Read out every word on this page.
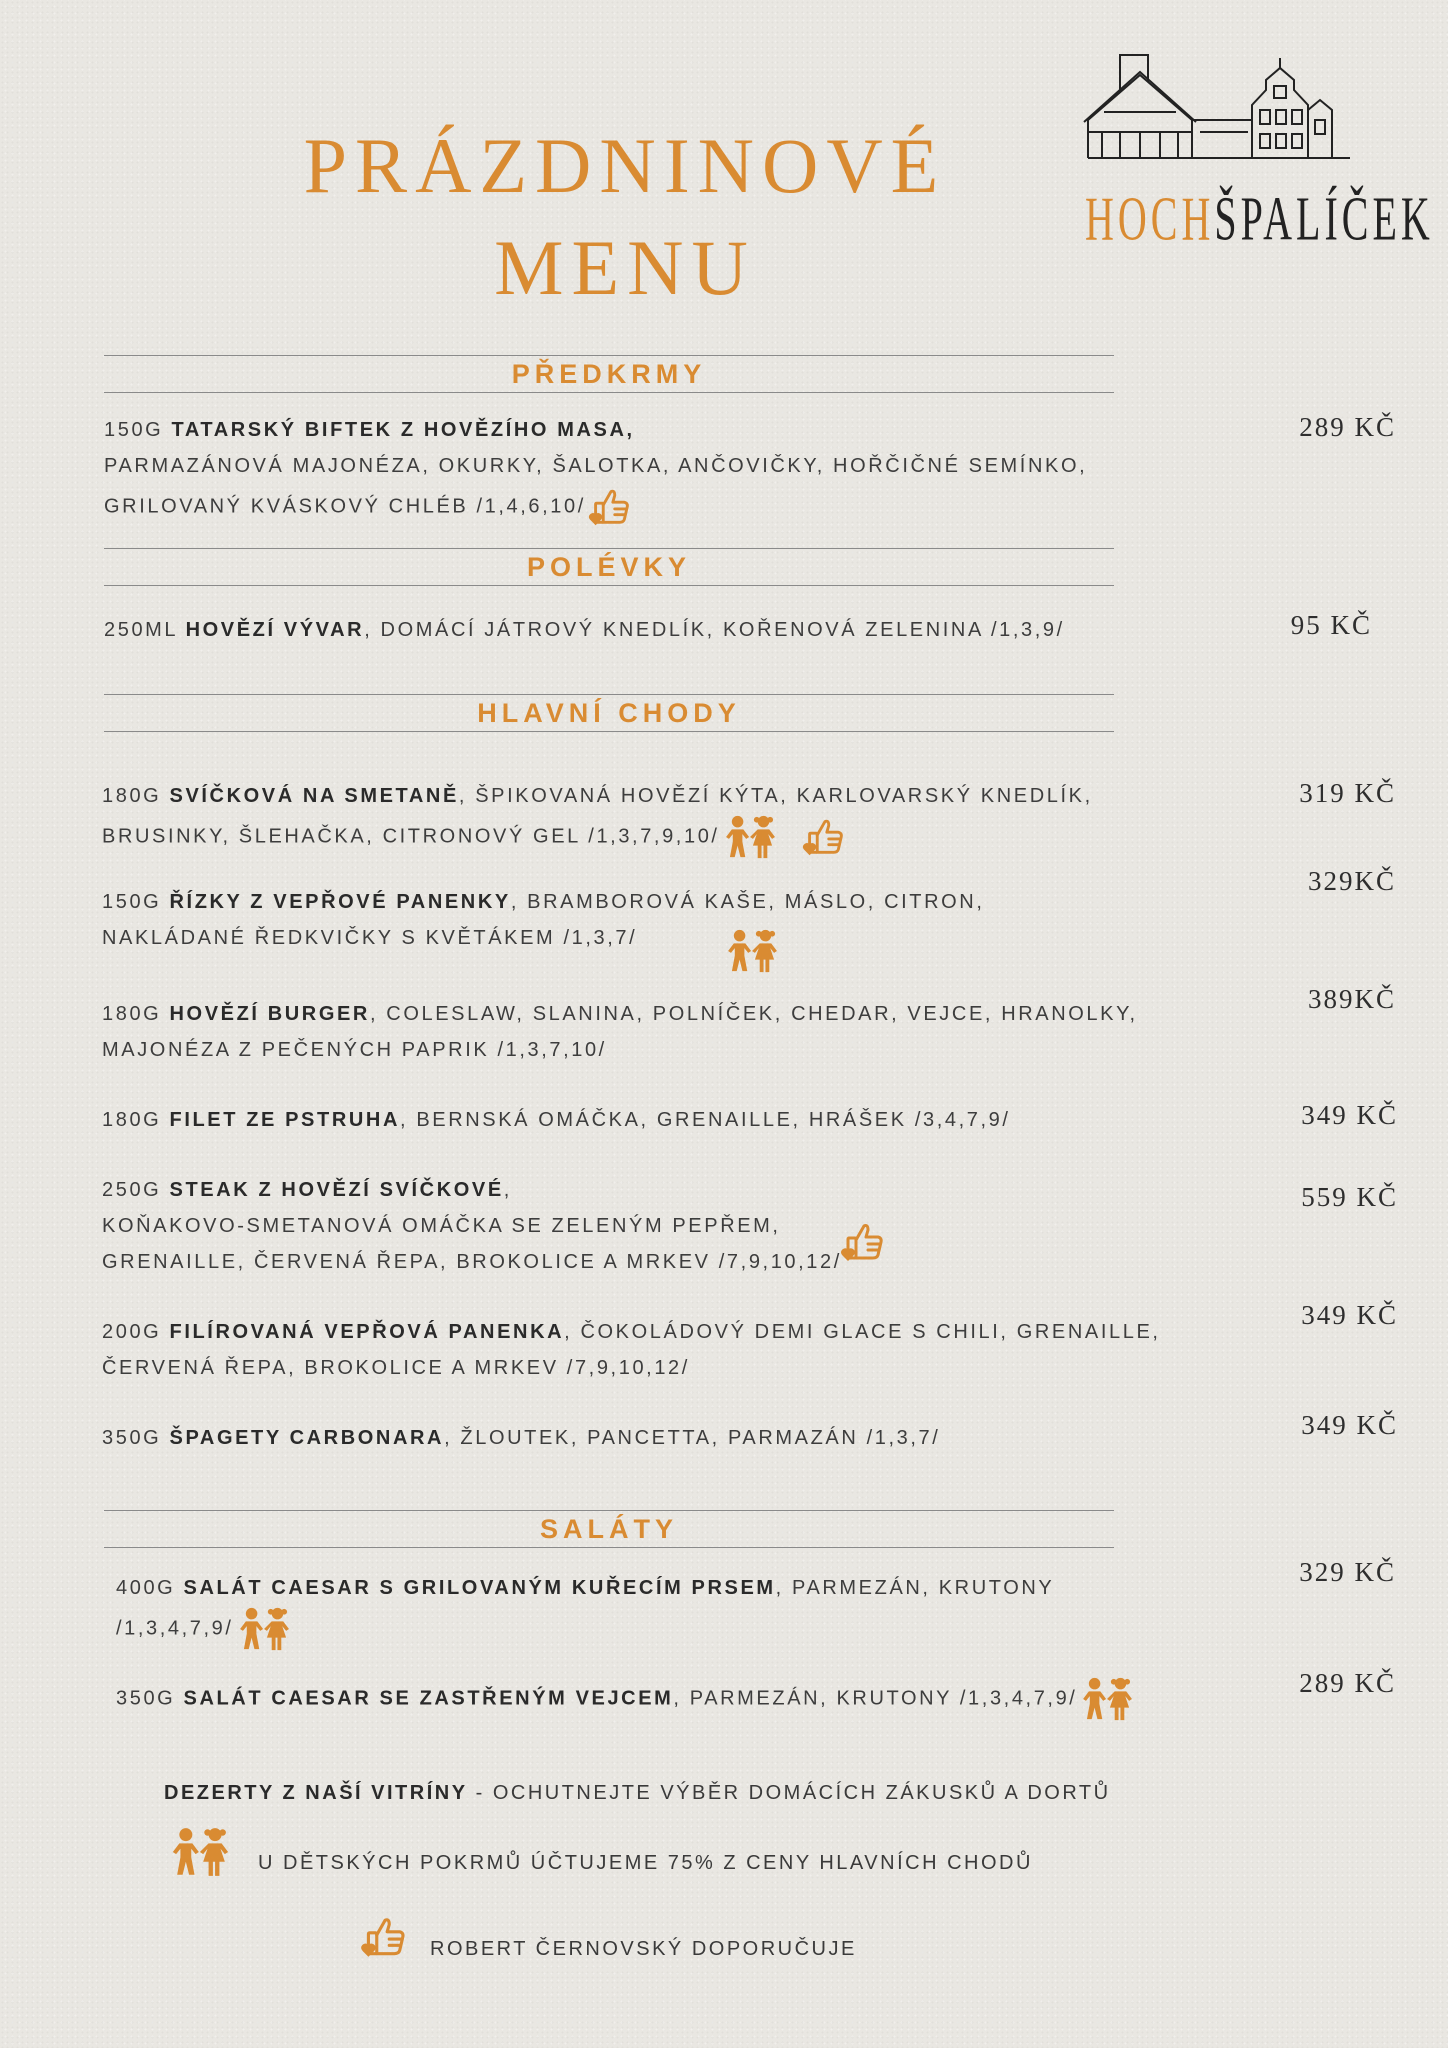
PRÁZDNINOVÉ
MENU
HOCHŠPALÍČEK
PŘEDKRMY
150G TATARSKÝ BIFTEK Z HOVĚZÍHO MASA,
PARMAZÁNOVÁ MAJONÉZA, OKURKY, ŠALOTKA, ANČOVIČKY, HOŘČIČNÉ SEMÍNKO,
GRILOVANÝ KVÁSKOVÝ CHLÉB /1,4,6,10/
289 KČ
POLÉVKY
250ML HOVĚZÍ VÝVAR, DOMÁCÍ JÁTROVÝ KNEDLÍK, KOŘENOVÁ ZELENINA /1,3,9/	95 KČ
HLAVNÍ CHODY
180G SVÍČKOVÁ NA SMETANĚ, ŠPIKOVANÁ HOVĚZÍ KÝTA, KARLOVARSKÝ KNEDLÍK,
BRUSINKY, ŠLEHAČKA, CITRONOVÝ GEL /1,3,7,9,10/
319 KČ
150G ŘÍZKY Z VEPŘOVÉ PANENKY, BRAMBOROVÁ KAŠE, MÁSLO, CITRON,
NAKLÁDANÉ ŘEDKVIČKY S KVĚTÁKEM /1,3,7/
329KČ
180G HOVĚZÍ BURGER, COLESLAW, SLANINA, POLNÍČEK, CHEDAR, VEJCE, HRANOLKY,
MAJONÉZA Z PEČENÝCH PAPRIK /1,3,7,10/
389KČ
180G FILET ZE PSTRUHA, BERNSKÁ OMÁČKA, GRENAILLE, HRÁŠEK /3,4,7,9/	349 KČ
250G STEAK Z HOVĚZÍ SVÍČKOVÉ,
KOŇAKOVO-SMETANOVÁ OMÁČKA SE ZELENÝM PEPŘEM,
GRENAILLE, ČERVENÁ ŘEPA, BROKOLICE A MRKEV /7,9,10,12/
559 KČ
200G FILÍROVANÁ VEPŘOVÁ PANENKA, ČOKOLÁDOVÝ DEMI GLACE S CHILI, GRENAILLE,
ČERVENÁ ŘEPA, BROKOLICE A MRKEV /7,9,10,12/
349 KČ
350G ŠPAGETY CARBONARA, ŽLOUTEK, PANCETTA, PARMAZÁN /1,3,7/	349 KČ
SALÁTY
400G SALÁT CAESAR S GRILOVANÝM KUŘECÍM PRSEM, PARMEZÁN, KRUTONY
/1,3,4,7,9/
329 KČ
350G SALÁT CAESAR SE ZASTŘENÝM VEJCEM, PARMEZÁN, KRUTONY /1,3,4,7,9/
289 KČ
DEZERTY Z NAŠÍ VITRÍNY - OCHUTNEJTE VÝBĚR DOMÁCÍCH ZÁKUSKŮ A DORTŮ
U DĚTSKÝCH POKRMŮ ÚČTUJEME 75% Z CENY HLAVNÍCH CHODŮ
ROBERT ČERNOVSKÝ DOPORUČUJE
